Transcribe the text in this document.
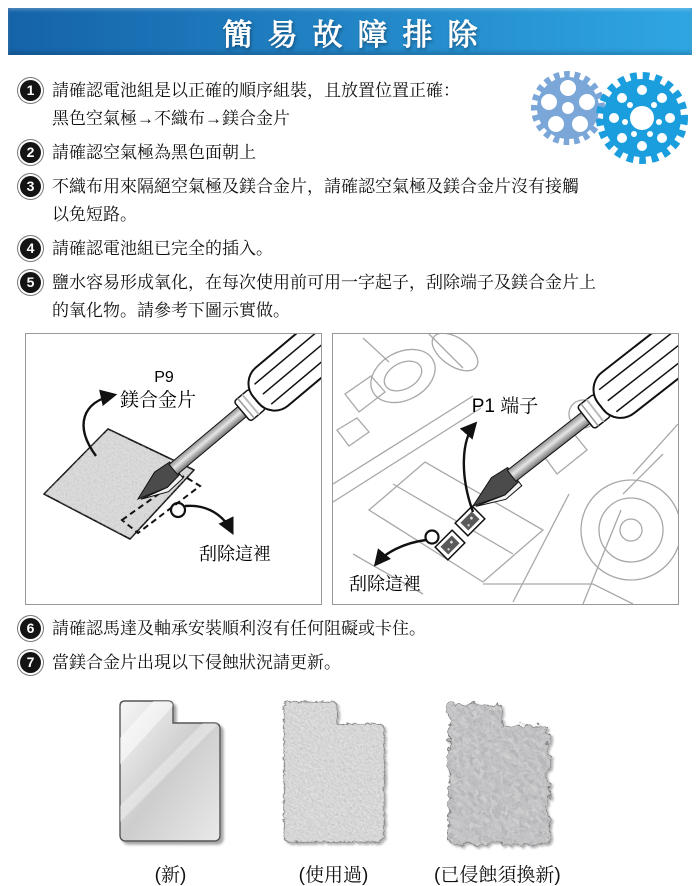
簡易故障排除
1	請確認電池組是以正確的順序組裝，且放置位置正確：
黑色空氣極→不織布→鎂合金片
2	請確認空氣極為黑色面朝上
3	不織布用來隔絕空氣極及鎂合金片，請確認空氣極及鎂合金片沒有接觸
以免短路。
4	請確認電池組已完全的插入。
5	鹽水容易形成氧化，在每次使用前可用一字起子，刮除端子及鎂合金片上
的氧化物。請參考下圖示實做。
P9
鎂合金片
刮除這裡
P1 端子
刮除這裡
6	請確認馬達及軸承安裝順利沒有任何阻礙或卡住。
7	當鎂合金片出現以下侵蝕狀況請更新。
(新)	(使用過)	(已侵蝕須換新)
